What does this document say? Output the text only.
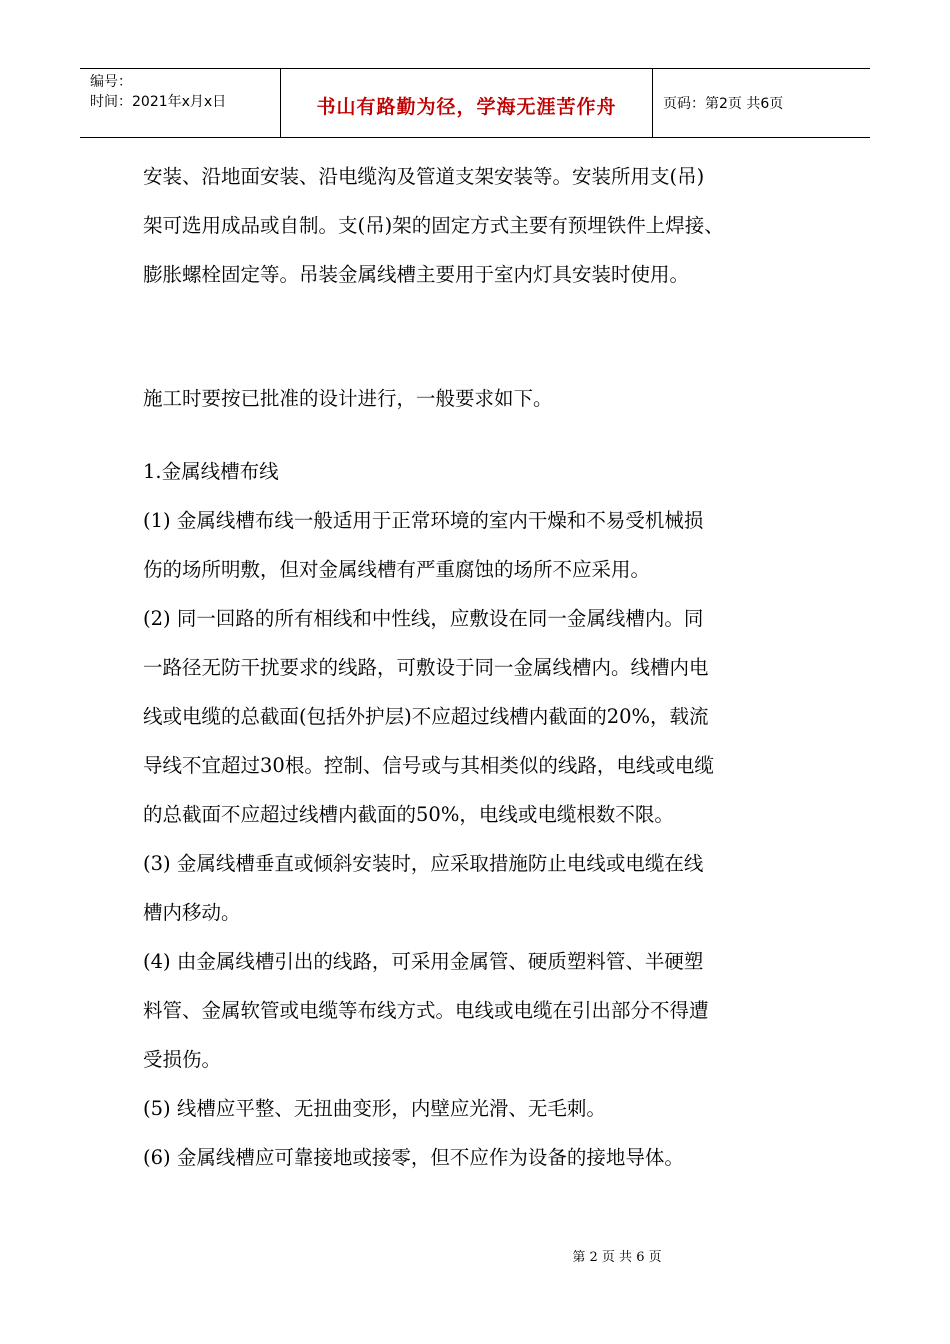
编号：
时间：2021年x月x日	书山有路勤为径，学海无涯苦作舟	页码：第2页 共6页

安装、沿地面安装、沿电缆沟及管道支架安装等。安装所用支(吊)

架可选用成品或自制。支(吊)架的固定方式主要有预埋铁件上焊接、

膨胀螺栓固定等。吊装金属线槽主要用于室内灯具安装时使用。

施工时要按已批准的设计进行，一般要求如下。

1.金属线槽布线

(1) 金属线槽布线一般适用于正常环境的室内干燥和不易受机械损

伤的场所明敷，但对金属线槽有严重腐蚀的场所不应采用。

(2) 同一回路的所有相线和中性线，应敷设在同一金属线槽内。同

一路径无防干扰要求的线路，可敷设于同一金属线槽内。线槽内电

线或电缆的总截面(包括外护层)不应超过线槽内截面的20%，载流

导线不宜超过30根。控制、信号或与其相类似的线路，电线或电缆

的总截面不应超过线槽内截面的50%，电线或电缆根数不限。

(3) 金属线槽垂直或倾斜安装时，应采取措施防止电线或电缆在线

槽内移动。

(4) 由金属线槽引出的线路，可采用金属管、硬质塑料管、半硬塑

料管、金属软管或电缆等布线方式。电线或电缆在引出部分不得遭

受损伤。

(5) 线槽应平整、无扭曲变形，内壁应光滑、无毛刺。

(6) 金属线槽应可靠接地或接零，但不应作为设备的接地导体。

第 2 页 共 6 页
